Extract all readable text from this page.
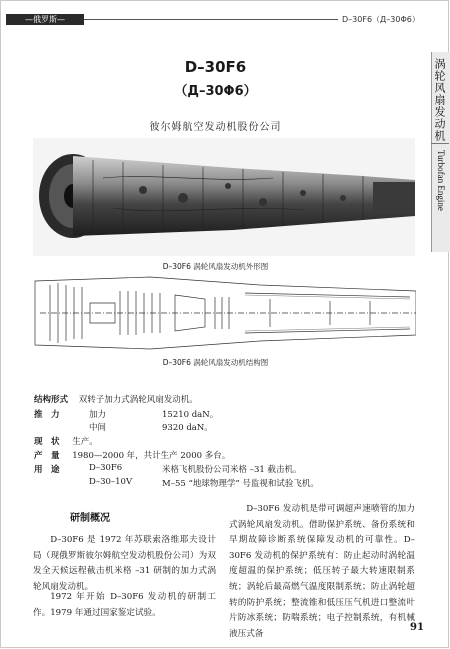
—俄罗斯—	D–30F6（Д–30Φ6）
涡轮风扇发动机
Turbofan Engine
D–30F6
（Д–30Φ6）
彼尔姆航空发动机股份公司
D–30F6 涡轮风扇发动机外形图
D–30F6 涡轮风扇发动机结构图
结构形式 双转子加力式涡轮风扇发动机。
推　力	加力	15210 daN。
中间	9320 daN。
现　状 生产。
产　量 1980—2000 年，共计生产 2000 多台。
用　途	D–30F6	米格飞机股份公司米格 –31 截击机。
D–30–10V	M–55 “地球物理学” 号监视和试验飞机。
研制概况
D–30F6 是 1972 年苏联索洛维耶夫设计局（现俄罗斯彼尔姆航空发动机股份公司）为双发全天候远程截击机米格 –31 研制的加力式涡轮风扇发动机。
1972 年开始 D–30F6 发动机的研制工作。1979 年通过国家鉴定试验。
D–30F6 发动机是带可调超声速喷管的加力式涡轮风扇发动机。借助保护系统、备份系统和早期故障诊断系统保障发动机的可靠性。D–30F6 发动机的保护系统有：防止起动时涡轮温度超温的保护系统；低压转子最大转速限制系统；涡轮后最高燃气温度限制系统；防止涡轮超转的防护系统；整流锥和低压压气机进口整流叶片防冰系统；防喘系统；电子控制系统，有机械液压式备
91
